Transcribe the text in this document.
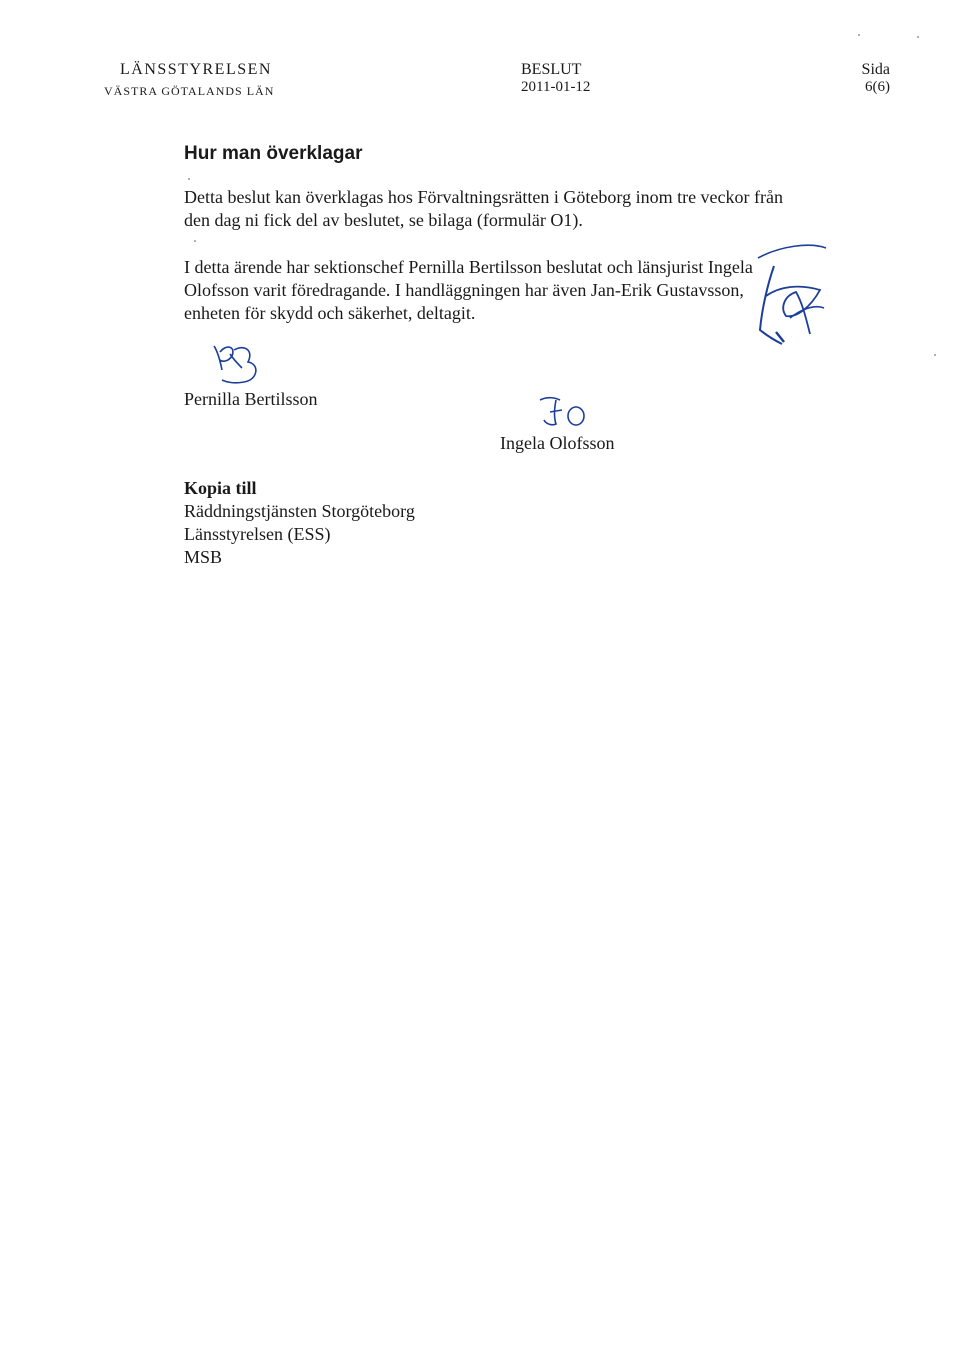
LÄNSSTYRELSEN
VÄSTRA GÖTALANDS LÄN
BESLUT
2011-01-12
Sida
6(6)
Hur man överklagar
Detta beslut kan överklagas hos Förvaltningsrätten i Göteborg inom tre veckor från den dag ni fick del av beslutet, se bilaga (formulär O1).
I detta ärende har sektionschef Pernilla Bertilsson beslutat och länsjurist Ingela Olofsson varit föredragande. I handläggningen har även Jan-Erik Gustavsson, enheten för skydd och säkerhet, deltagit.
Pernilla Bertilsson
Ingela Olofsson
Kopia till
Räddningstjänsten Storgöteborg
Länsstyrelsen (ESS)
MSB
